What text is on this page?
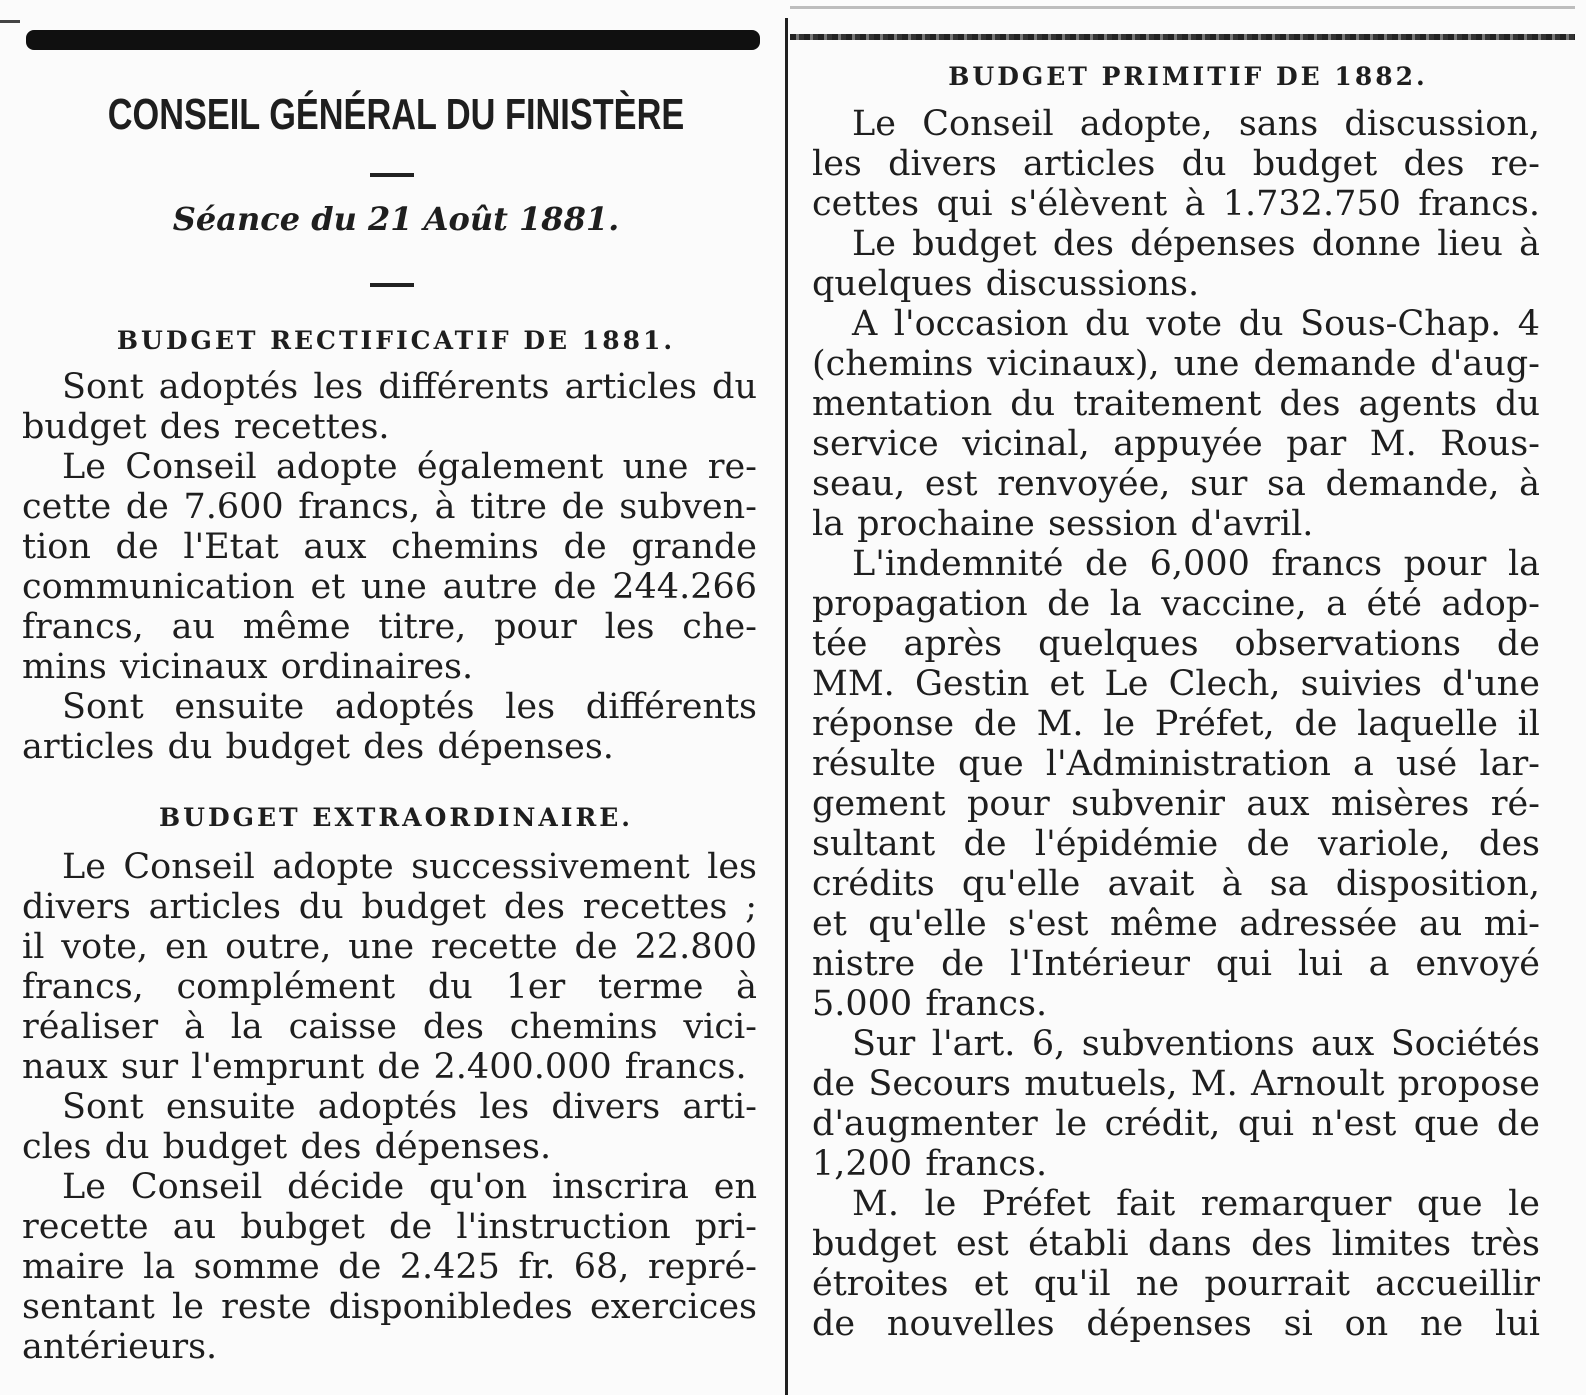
CONSEIL GÉNÉRAL DU FINISTÈRE
Séance du 21 Août 1881.
BUDGET RECTIFICATIF DE 1881.
Sont adoptés les différents articles du
budget des recettes.
Le Conseil adopte également une re-
cette de 7.600 francs, à titre de subven-
tion de l'Etat aux chemins de grande
communication et une autre de 244.266
francs, au même titre, pour les che-
mins vicinaux ordinaires.
Sont ensuite adoptés les différents
articles du budget des dépenses.
BUDGET EXTRAORDINAIRE.
Le Conseil adopte successivement les
divers articles du budget des recettes ;
il vote, en outre, une recette de 22.800
francs, complément du 1er terme à
réaliser à la caisse des chemins vici-
naux sur l'emprunt de 2.400.000 francs.
Sont ensuite adoptés les divers arti-
cles du budget des dépenses.
Le Conseil décide qu'on inscrira en
recette au bubget de l'instruction pri-
maire la somme de 2.425 fr. 68, repré-
sentant le reste disponibledes exercices
antérieurs.
BUDGET PRIMITIF DE 1882.
Le Conseil adopte, sans discussion,
les divers articles du budget des re-
cettes qui s'élèvent à 1.732.750 francs.
Le budget des dépenses donne lieu à
quelques discussions.
A l'occasion du vote du Sous-Chap. 4
(chemins vicinaux), une demande d'aug-
mentation du traitement des agents du
service vicinal, appuyée par M. Rous-
seau, est renvoyée, sur sa demande, à
la prochaine session d'avril.
L'indemnité de 6,000 francs pour la
propagation de la vaccine, a été adop-
tée après quelques observations de
MM. Gestin et Le Clech, suivies d'une
réponse de M. le Préfet, de laquelle il
résulte que l'Administration a usé lar-
gement pour subvenir aux misères ré-
sultant de l'épidémie de variole, des
crédits qu'elle avait à sa disposition,
et qu'elle s'est même adressée au mi-
nistre de l'Intérieur qui lui a envoyé
5.000 francs.
Sur l'art. 6, subventions aux Sociétés
de Secours mutuels, M. Arnoult propose
d'augmenter le crédit, qui n'est que de
1,200 francs.
M. le Préfet fait remarquer que le
budget est établi dans des limites très
étroites et qu'il ne pourrait accueillir
de nouvelles dépenses si on ne lui
